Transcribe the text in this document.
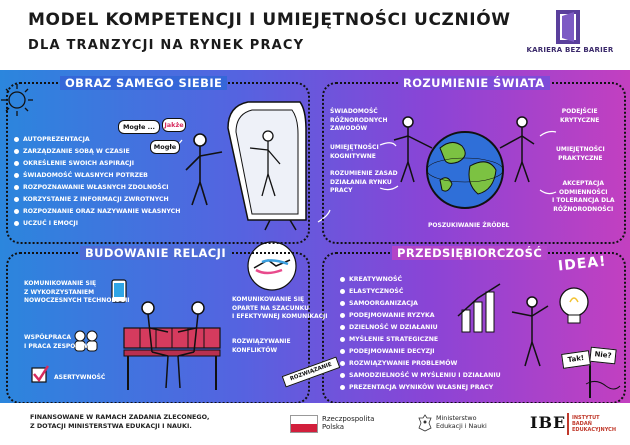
MODEL KOMPETENCJI I UMIEJĘTNOŚCI UCZNIÓW
DLA TRANZYCJI NA RYNEK PRACY	KARIERA BEZ BARIER
OBRAZ SAMEGO SIEBIE
AUTOPREZENTACJA
ZARZĄDZANIE SOBĄ W CZASIE
OKREŚLENIE SWOICH ASPIRACJI
ŚWIADOMOŚĆ WŁASNYCH POTRZEB
ROZPOZNAWANIE WŁASNYCH ZDOLNOŚCI
KORZYSTANIE Z INFORMACJI ZWROTNYCH
ROZPOZNANIE ORAZ NAZYWANIE WŁASNYCH
UCZUĆ I EMOCJI
Mogłe ...	Jakże
Mogłe
ROZUMIENIE ŚWIATA
ŚWIADOMOŚĆ
RÓŻNORODNYCH
ZAWODÓW
UMIEJĘTNOŚCI
KOGNITYWNE
ROZUMIENIE ZASAD
DZIAŁANIA RYNKU
PRACY
POSZUKIWANIE ŹRÓDEŁ
PODEJŚCIE
KRYTYCZNE
UMIEJĘTNOŚCI
PRAKTYCZNE
AKCEPTACJA
ODMIENNOŚCI
I TOLERANCJA DLA
RÓŻNORODNOŚCI
BUDOWANIE RELACJI
KOMUNIKOWANIE SIĘ
Z WYKORZYSTANIEM
NOWOCZESNYCH TECHNOLOGII
WSPÓŁPRACA
I PRACA ZESPOŁOWA
ASERTYWNOŚĆ
KOMUNIKOWANIE SIĘ
OPARTE NA SZACUNKU
I EFEKTYWNEJ KOMUNIKACJI
ROZWIĄZYWANIE
KONFLIKTÓW
ROZWIĄZANIE
PRZEDSIĘBIORCZOŚĆ
KREATYWNOŚĆ
ELASTYCZNOŚĆ
SAMOORGANIZACJA
PODEJMOWANIE RYZYKA
DZIELNOŚĆ W DZIAŁANIU
MYŚLENIE STRATEGICZNE
PODEJMOWANIE DECYZJI
ROZWIĄZYWANIE PROBLEMÓW
SAMODZIELNOŚĆ W MYŚLENIU I DZIAŁANIU
PREZENTACJA WYNIKÓW WŁASNEJ PRACY
IDEA!
Tak!	Nie?
FINANSOWANE W RAMACH ZADANIA ZLECONEGO,
Z DOTACJI MINISTERSTWA EDUKACJI I NAUKI.
Rzeczpospolita
Polska
Ministerstwo
Edukacji i Nauki	IBE INSTYTUT
BADAŃ
EDUKACYJNYCH
